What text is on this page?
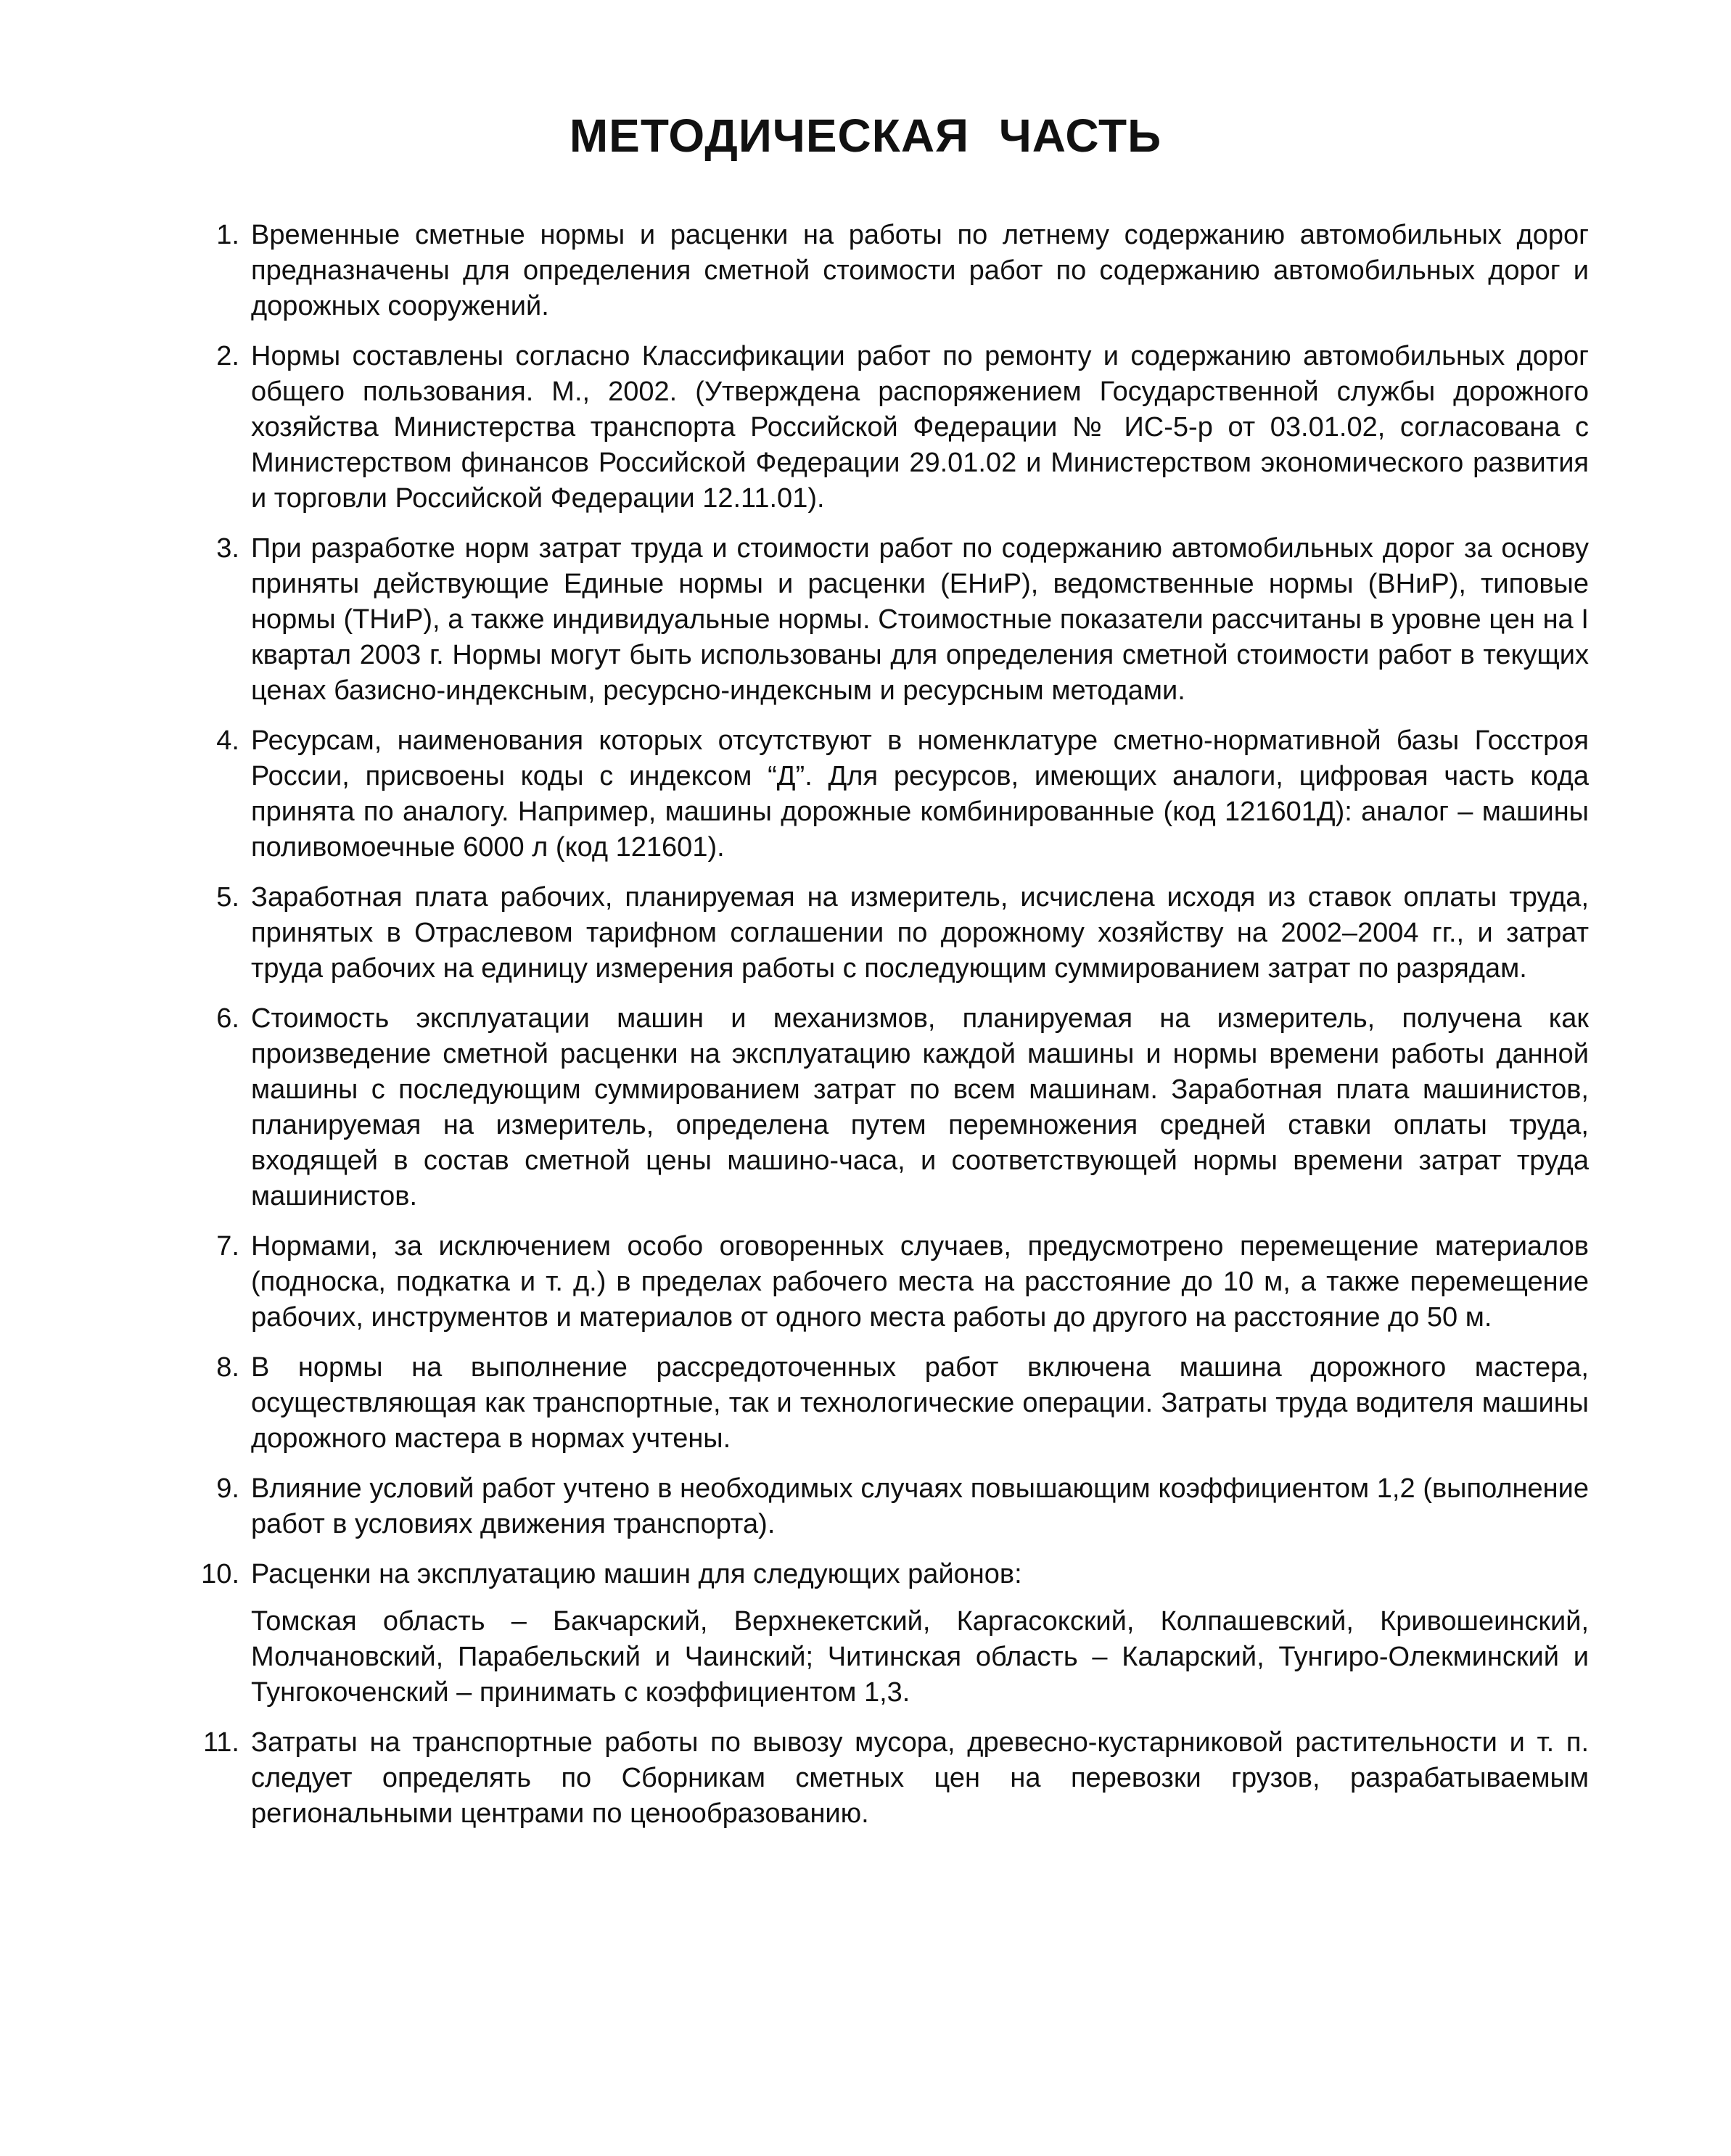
МЕТОДИЧЕСКАЯ ЧАСТЬ
1. Временные сметные нормы и расценки на работы по летнему содержанию автомобильных дорог предназначены для определения сметной стоимости работ по содержанию автомобильных дорог и дорожных сооружений.
2. Нормы составлены согласно Классификации работ по ремонту и содержанию автомобильных дорог общего пользования. М., 2002. (Утверждена распоряжением Государственной службы дорожного хозяйства Министерства транспорта Российской Федерации № ИС-5-р от 03.01.02, согласована с Министерством финансов Российской Федерации 29.01.02 и Министерством экономического развития и торговли Российской Федерации 12.11.01).
3. При разработке норм затрат труда и стоимости работ по содержанию автомобильных дорог за основу приняты действующие Единые нормы и расценки (ЕНиР), ведомственные нормы (ВНиР), типовые нормы (ТНиР), а также индивидуальные нормы. Стоимостные показатели рассчитаны в уровне цен на I квартал 2003 г. Нормы могут быть использованы для определения сметной стоимости работ в текущих ценах базисно-индексным, ресурсно-индексным и ресурсным методами.
4. Ресурсам, наименования которых отсутствуют в номенклатуре сметно-нормативной базы Госстроя России, присвоены коды с индексом “Д”. Для ресурсов, имеющих аналоги, цифровая часть кода принята по аналогу. Например, машины дорожные комбинированные (код 121601Д): аналог – машины поливомоечные 6000 л (код 121601).
5. Заработная плата рабочих, планируемая на измеритель, исчислена исходя из ставок оплаты труда, принятых в Отраслевом тарифном соглашении по дорожному хозяйству на 2002–2004 гг., и затрат труда рабочих на единицу измерения работы с последующим суммированием затрат по разрядам.
6. Стоимость эксплуатации машин и механизмов, планируемая на измеритель, получена как произведение сметной расценки на эксплуатацию каждой машины и нормы времени работы данной машины с последующим суммированием затрат по всем машинам. Заработная плата машинистов, планируемая на измеритель, определена путем перемножения средней ставки оплаты труда, входящей в состав сметной цены машино-часа, и соответствующей нормы времени затрат труда машинистов.
7. Нормами, за исключением особо оговоренных случаев, предусмотрено перемещение материалов (подноска, подкатка и т. д.) в пределах рабочего места на расстояние до 10 м, а также перемещение рабочих, инструментов и материалов от одного места работы до другого на расстояние до 50 м.
8. В нормы на выполнение рассредоточенных работ включена машина дорожного мастера, осуществляющая как транспортные, так и технологические операции. Затраты труда водителя машины дорожного мастера в нормах учтены.
9. Влияние условий работ учтено в необходимых случаях повышающим коэффициентом 1,2 (выполнение работ в условиях движения транспорта).
10. Расценки на эксплуатацию машин для следующих районов:
Томская область – Бакчарский, Верхнекетский, Каргасокский, Колпашевский, Кривошеинский, Молчановский, Парабельский и Чаинский; Читинская область – Каларский, Тунгиро-Олекминский и Тунгокоченский – принимать с коэффициентом 1,3.
11. Затраты на транспортные работы по вывозу мусора, древесно-кустарниковой растительности и т. п. следует определять по Сборникам сметных цен на перевозки грузов, разрабатываемым региональными центрами по ценообразованию.
